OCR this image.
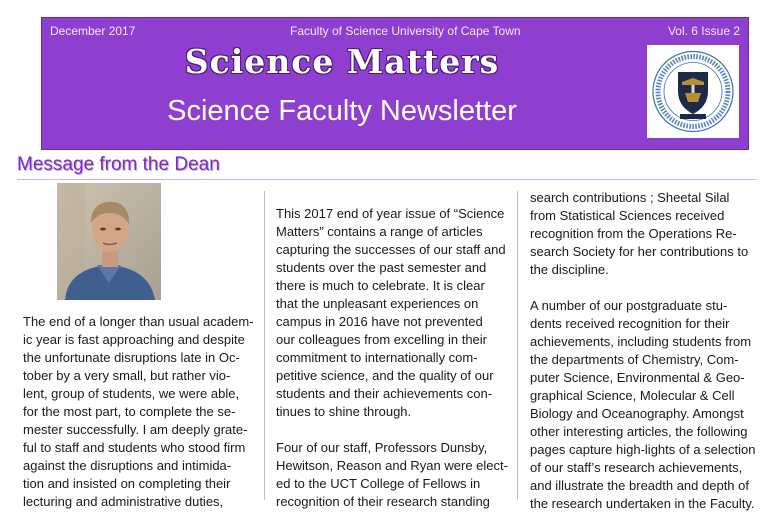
December 2017	Faculty of Science University of Cape Town	Vol. 6 Issue 2
Science Matters
Science Faculty Newsletter
Message from the Dean

The end of a longer than usual academ-

ic year is fast approaching and despite

the unfortunate disruptions late in Oc-

tober by a very small, but rather vio-

lent, group of students, we were able,

for the most part, to complete the se-

mester successfully. I am deeply grate-

ful to staff and students who stood firm

against the disruptions and intimida-

tion and insisted on completing their

lecturing and administrative duties,

This 2017 end of year issue of “Science

Matters” contains a range of articles

capturing the successes of our staff and

students over the past semester and

there is much to celebrate. It is clear

that the unpleasant experiences on

campus in 2016 have not prevented

our colleagues from excelling in their

commitment to internationally com-

petitive science, and the quality of our

students and their achievements con-

tinues to shine through.

Four of our staff, Professors Dunsby,

Hewitson, Reason and Ryan were elect-

ed to the UCT College of Fellows in

recognition of their research standing

search contributions ; Sheetal Silal

from Statistical Sciences received

recognition from the Operations Re-

search Society for her contributions to

the discipline.

A number of our postgraduate stu-

dents received recognition for their

achievements, including students from

the departments of Chemistry, Com-

puter Science, Environmental & Geo-

graphical Science, Molecular & Cell

Biology and Oceanography. Amongst

other interesting articles, the following

pages capture high-lights of a selection

of our staff’s research achievements,

and illustrate the breadth and depth of

the research undertaken in the Faculty.
